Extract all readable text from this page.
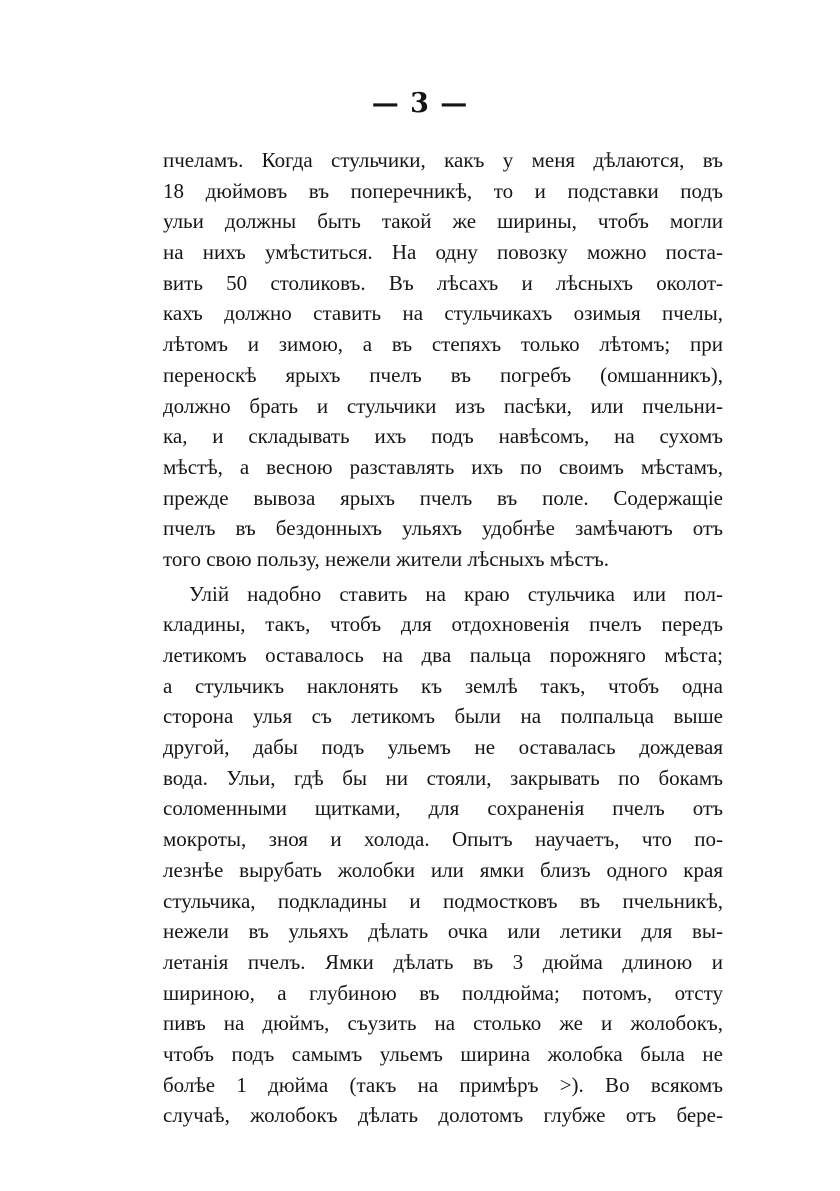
— 3 —
пчеламъ. Когда стульчики, какъ у меня дѣлаются, въ
18 дюймовъ въ поперечникѣ, то и подставки подъ
ульи должны быть такой же ширины, чтобъ могли
на нихъ умѣститься. На одну повозку можно поста-
вить 50 столиковъ. Въ лѣсахъ и лѣсныхъ околот-
кахъ должно ставить на стульчикахъ озимыя пчелы,
лѣтомъ и зимою, а въ степяхъ только лѣтомъ; при
переноскѣ ярыхъ пчелъ въ погребъ (омшанникъ),
должно брать и стульчики изъ пасѣки, или пчельни-
ка, и складывать ихъ подъ навѣсомъ, на сухомъ
мѣстѣ, а весною разставлять ихъ по своимъ мѣстамъ,
прежде вывоза ярыхъ пчелъ въ поле. Содержащіе
пчелъ въ бездонныхъ ульяхъ удобнѣе замѣчаютъ отъ
того свою пользу, нежели жители лѣсныхъ мѣстъ.
Улій надобно ставить на краю стульчика или пол-
кладины, такъ, чтобъ для отдохновенія пчелъ передъ
летикомъ оставалось на два пальца порожняго мѣста;
а стульчикъ наклонять къ землѣ такъ, чтобъ одна
сторона улья съ летикомъ были на полпальца выше
другой, дабы подъ ульемъ не оставалась дождевая
вода. Ульи, гдѣ бы ни стояли, закрывать по бокамъ
соломенными щитками, для сохраненія пчелъ отъ
мокроты, зноя и холода. Опытъ научаетъ, что по-
лезнѣе вырубать жолобки или ямки близъ одного края
стульчика, подкладины и подмостковъ въ пчельникѣ,
нежели въ ульяхъ дѣлать очка или летики для вы-
летанія пчелъ. Ямки дѣлать въ 3 дюйма длиною и
шириною, а глубиною въ полдюйма; потомъ, отсту
пивъ на дюймъ, съузить на столько же и жолобокъ,
чтобъ подъ самымъ ульемъ ширина жолобка была не
болѣе 1 дюйма (такъ на примѣръ >). Во всякомъ
случаѣ, жолобокъ дѣлать долотомъ глубже отъ бере-
